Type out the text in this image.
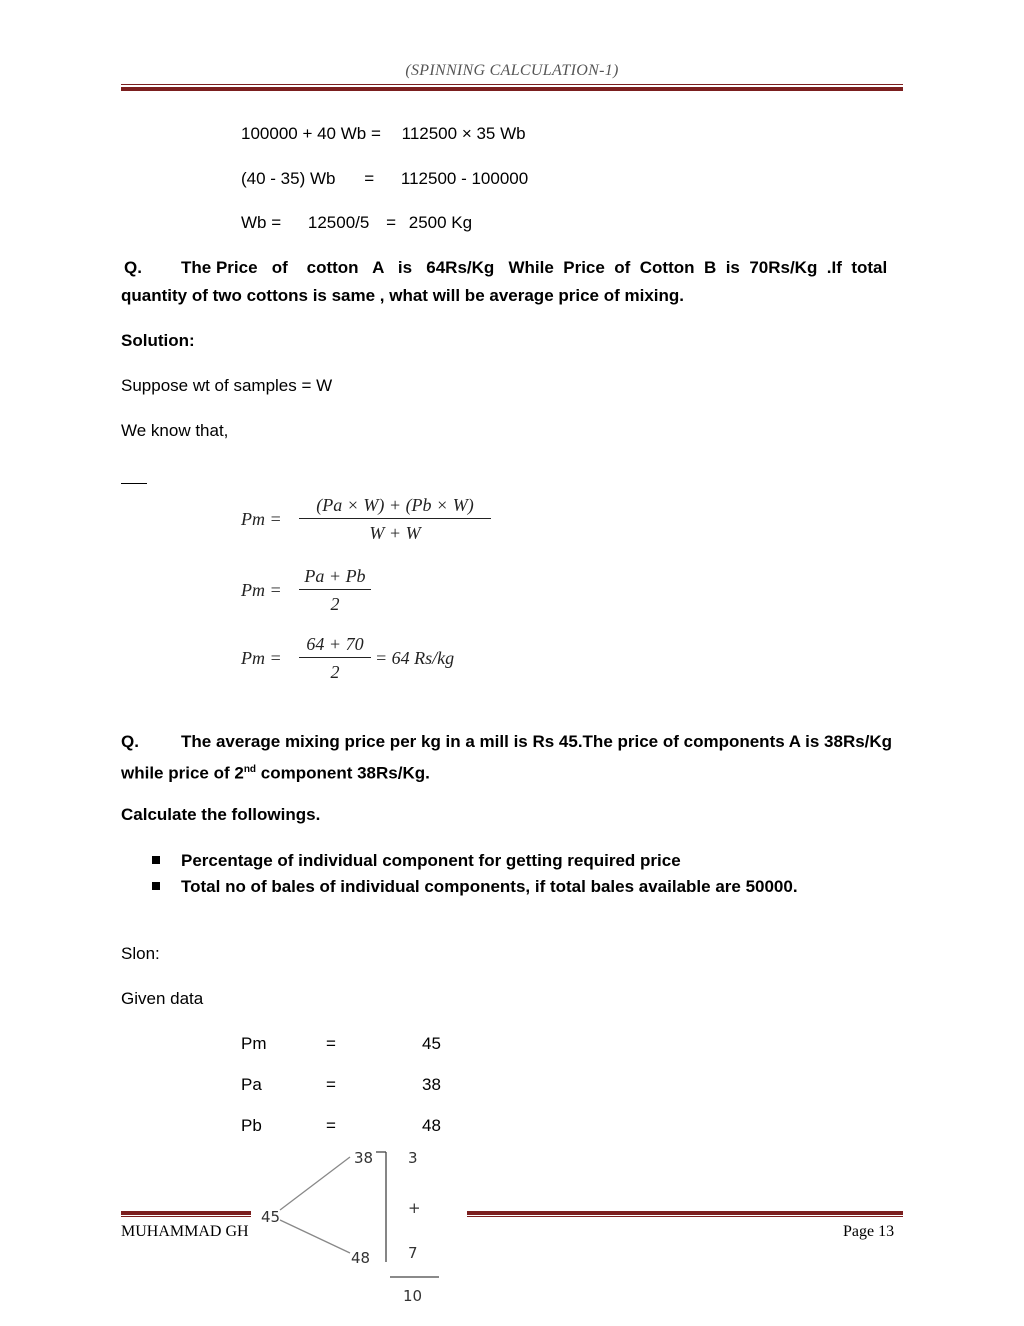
(SPINNING CALCULATION-1)
100000 + 40 Wb = 112500 × 35 Wb
(40 - 35) Wb = 112500 - 100000
Wb = 12500/5 = 2500 Kg
Q. The Price   of    cotton   A   is   64Rs/Kg   While  Price  of  Cotton  B  is  70Rs/Kg  .If  total
quantity of two cottons is same , what will be average price of mixing.
Solution:
Suppose wt of samples = W
We know that,
$Pm = \frac{(Pa \times W) + (Pb \times W)}{W + W}$
$Pm = \frac{Pa + Pb}{2}$
$Pm = \frac{64 + 70}{2} = 64$ Rs/kg
Q. The average mixing price per kg in a mill is Rs 45.The price of components A is 38Rs/Kg
while price of 2nd component 38Rs/Kg.
Calculate the followings.
Percentage of individual component for getting required price
Total no of bales of individual components, if total bales available are 50000.
Slon:
Given data
Pm	=	45
Pa	=	38
Pb	=	48
45
38
48
3
+
7
10
MUHAMMAD GH	Page 13
